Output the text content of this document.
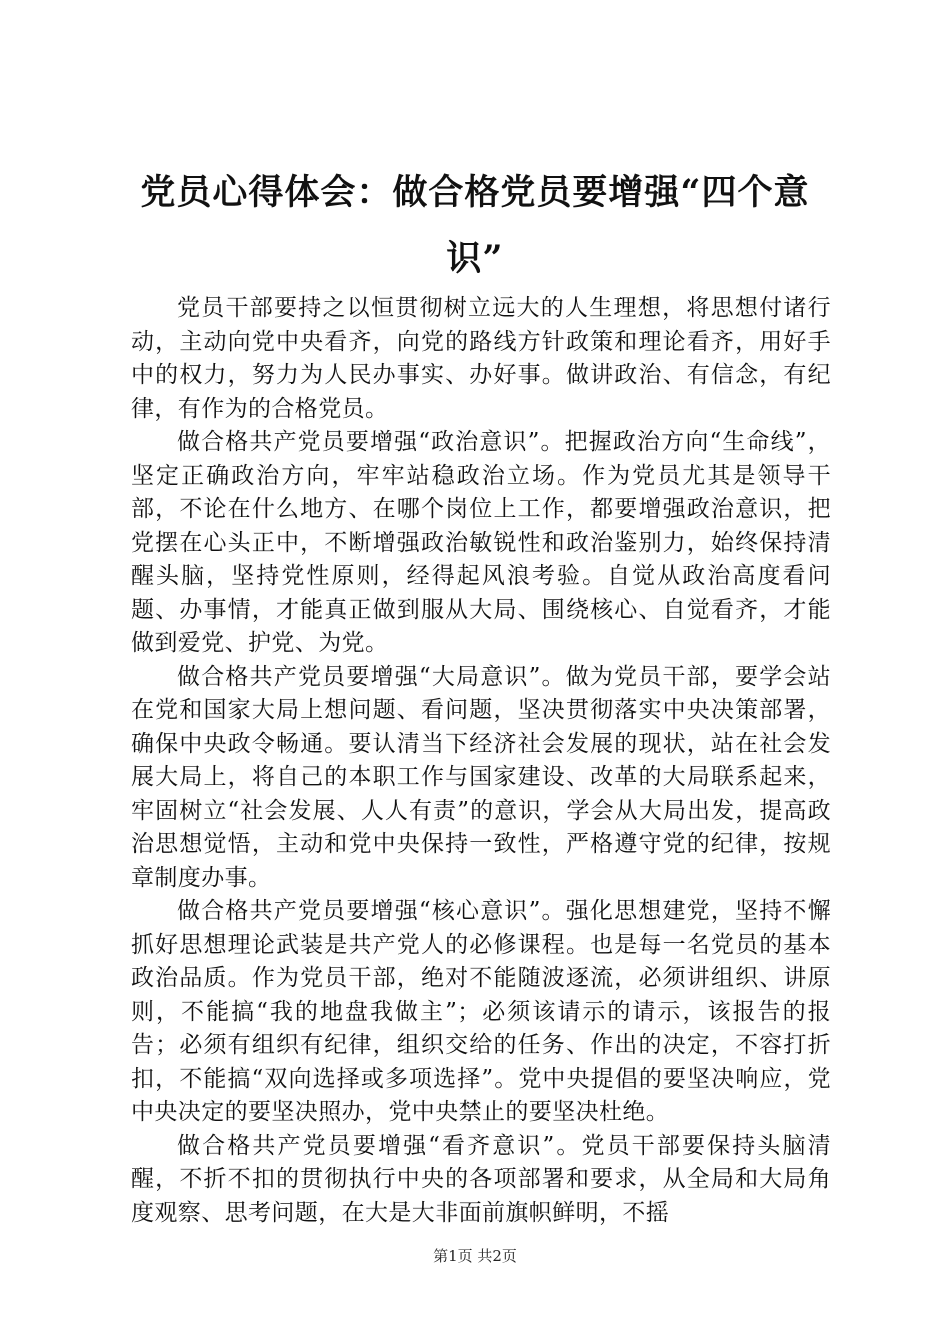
党员心得体会：做合格党员要增强“四个意识”

党员干部要持之以恒贯彻树立远大的人生理想，将思想付诸行动，主动向党中央看齐，向党的路线方针政策和理论看齐，用好手中的权力，努力为人民办事实、办好事。做讲政治、有信念，有纪律，有作为的合格党员。

做合格共产党员要增强“政治意识”。把握政治方向“生命线”，坚定正确政治方向，牢牢站稳政治立场。作为党员尤其是领导干部，不论在什么地方、在哪个岗位上工作，都要增强政治意识，把党摆在心头正中，不断增强政治敏锐性和政治鉴别力，始终保持清醒头脑，坚持党性原则，经得起风浪考验。自觉从政治高度看问题、办事情，才能真正做到服从大局、围绕核心、自觉看齐，才能做到爱党、护党、为党。

做合格共产党员要增强“大局意识”。做为党员干部，要学会站在党和国家大局上想问题、看问题，坚决贯彻落实中央决策部署，确保中央政令畅通。要认清当下经济社会发展的现状，站在社会发展大局上，将自己的本职工作与国家建设、改革的大局联系起来，牢固树立“社会发展、人人有责”的意识，学会从大局出发，提高政治思想觉悟，主动和党中央保持一致性，严格遵守党的纪律，按规章制度办事。

做合格共产党员要增强“核心意识”。强化思想建党，坚持不懈抓好思想理论武装是共产党人的必修课程。也是每一名党员的基本政治品质。作为党员干部，绝对不能随波逐流，必须讲组织、讲原则，不能搞“我的地盘我做主”；必须该请示的请示，该报告的报告；必须有组织有纪律，组织交给的任务、作出的决定，不容打折扣，不能搞“双向选择或多项选择”。党中央提倡的要坚决响应，党中央决定的要坚决照办，党中央禁止的要坚决杜绝。

做合格共产党员要增强“看齐意识”。党员干部要保持头脑清醒，不折不扣的贯彻执行中央的各项部署和要求，从全局和大局角度观察、思考问题，在大是大非面前旗帜鲜明，不摇

第1页 共2页
